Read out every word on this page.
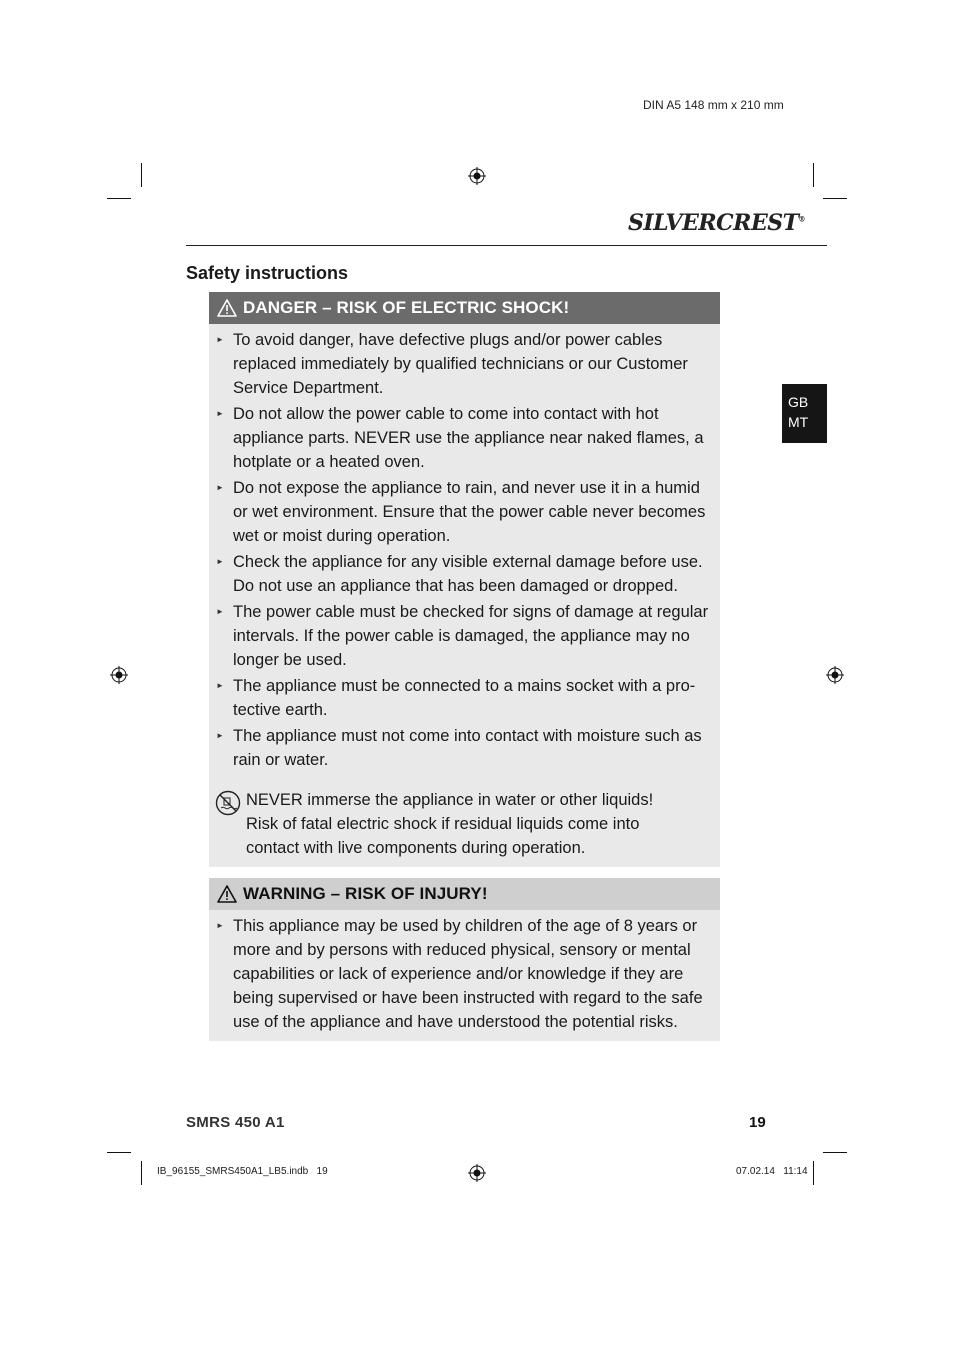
DIN A5 148 mm x 210 mm
SILVERCREST®
Safety instructions
GB
MT
DANGER – RISK OF ELECTRIC SHOCK!
► To avoid danger, have defective plugs and/or power cables replaced immediately by qualified technicians or our Customer Service Department.
► Do not allow the power cable to come into contact with hot appliance parts. NEVER use the appliance near naked flames, a hotplate or a heated oven.
► Do not expose the appliance to rain, and never use it in a humid or wet environment. Ensure that the power cable never becomes wet or moist during operation.
► Check the appliance for any visible external damage before use. Do not use an appliance that has been damaged or dropped.
► The power cable must be checked for signs of damage at regular intervals. If the power cable is damaged, the appliance may no longer be used.
► The appliance must be connected to a mains socket with a pro-tective earth.
► The appliance must not come into contact with moisture such as rain or water.
NEVER immerse the appliance in water or other liquids!
Risk of fatal electric shock if residual liquids come into
contact with live components during operation.
WARNING – RISK OF INJURY!
► This appliance may be used by children of the age of 8 years or more and by persons with reduced physical, sensory or mental capabilities or lack of experience and/or knowledge if they are being supervised or have been instructed with regard to the safe use of the appliance and have understood the potential risks.
SMRS 450 A1	19
IB_96155_SMRS450A1_LB5.indb   19	07.02.14   11:14
